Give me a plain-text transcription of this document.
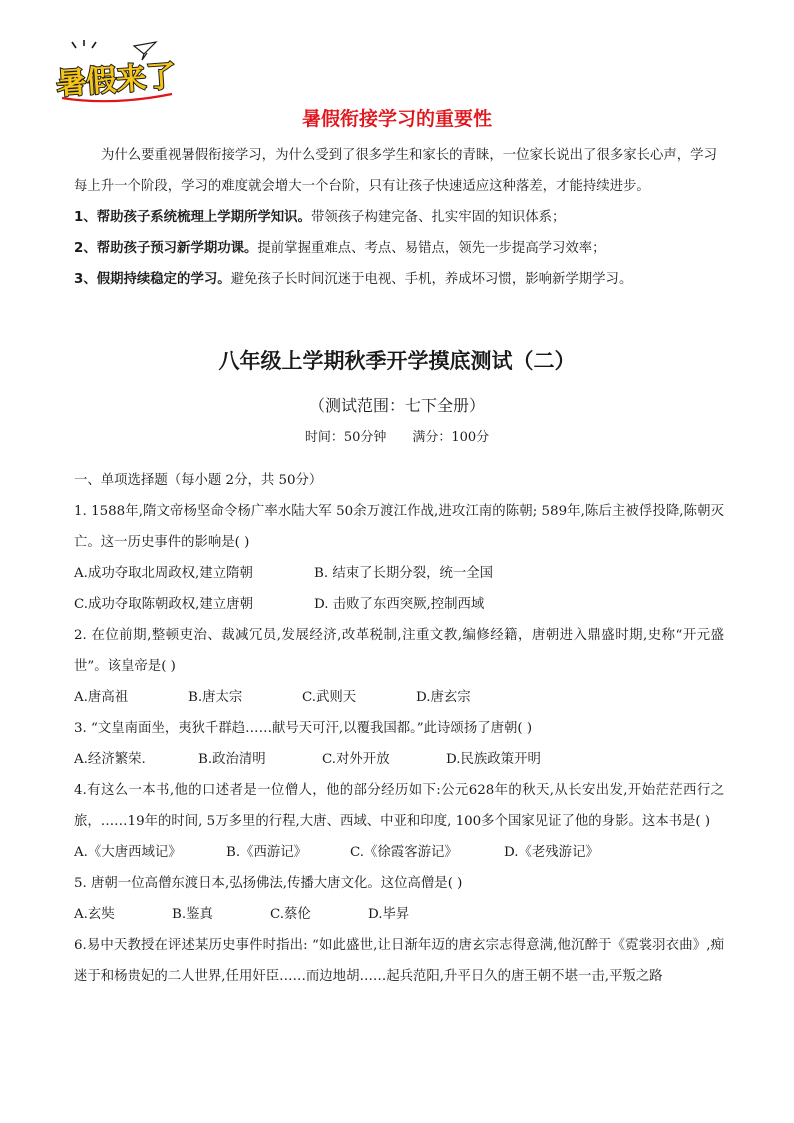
暑假来了
暑假衔接学习的重要性

为什么要重视暑假衔接学习，为什么受到了很多学生和家长的青睐，一位家长说出了很多家长心声，学习每上升一个阶段，学习的难度就会增大一个台阶，只有让孩子快速适应这种落差，才能持续进步。

1、帮助孩子系统梳理上学期所学知识。带领孩子构建完备、扎实牢固的知识体系；

2、帮助孩子预习新学期功课。提前掌握重难点、考点、易错点，领先一步提高学习效率；

3、假期持续稳定的学习。避免孩子长时间沉迷于电视、手机，养成坏习惯，影响新学期学习。

八年级上学期秋季开学摸底测试（二）

（测试范围：七下全册）

时间：50分钟 满分：100分

一、单项选择题（每小题 2分，共 50分）

1. 1588年,隋文帝杨坚命令杨广率水陆大军 50余万渡江作战,进攻江南的陈朝; 589年,陈后主被俘投降,陈朝灭亡。这一历史事件的影响是( )

A.成功夺取北周政权,建立隋朝	B. 结束了长期分裂，统一全国

C.成功夺取陈朝政权,建立唐朝	D. 击败了东西突厥,控制西域

2. 在位前期,整顿吏治、裁减冗员,发展经济,改革税制,注重文教,编修经籍，唐朝进入鼎盛时期,史称“开元盛世”。该皇帝是( )

A.唐高祖	B.唐太宗	C.武则天	D.唐玄宗

3. “文皇南面坐，夷狄千群趋……献号天可汗,以覆我国都。”此诗颂扬了唐朝( )

A.经济繁荣.	B.政治清明	C.对外开放	D.民族政策开明

4.有这么一本书,他的口述者是一位僧人，他的部分经历如下:公元628年的秋天,从长安出发,开始茫茫西行之旅，……19年的时间, 5万多里的行程,大唐、西域、中亚和印度, 100多个国家见证了他的身影。这本书是( )

A.《大唐西域记》	B.《西游记》	C.《徐霞客游记》	D.《老残游记》

5. 唐朝一位高僧东渡日本,弘扬佛法,传播大唐文化。这位高僧是( )

A.玄奘	B.鉴真	C.蔡伦	D.毕昇

6.易中天教授在评述某历史事件时指出: “如此盛世,让日渐年迈的唐玄宗志得意满,他沉醉于《霓裳羽衣曲》,痴迷于和杨贵妃的二人世界,任用奸臣……而边地胡……起兵范阳,升平日久的唐王朝不堪一击,平叛之路
